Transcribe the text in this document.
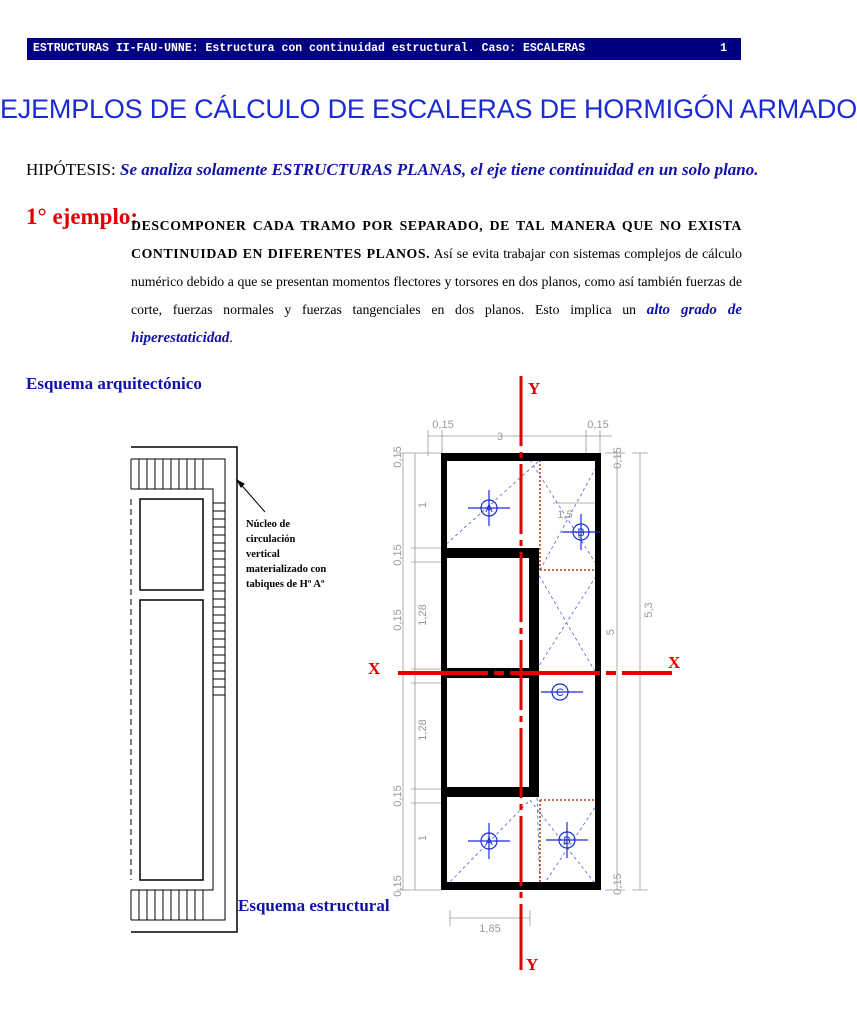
ESTRUCTURAS II-FAU-UNNE: Estructura con continuidad estructural. Caso: ESCALERAS	1
EJEMPLOS DE CÁLCULO DE ESCALERAS DE HORMIGÓN ARMADO
HIPÓTESIS: Se analiza solamente ESTRUCTURAS PLANAS, el eje tiene continuidad en un solo plano.
1° ejemplo:
DESCOMPONER CADA TRAMO POR SEPARADO, DE TAL MANERA QUE NO EXISTA CONTINUIDAD EN DIFERENTES PLANOS. Así se evita trabajar con sistemas complejos de cálculo numérico debido a que se presentan momentos flectores y torsores en dos planos, como así también fuerzas de corte, fuerzas normales y fuerzas tangenciales en dos planos. Esto implica un alto grado de hiperestaticidad.
Esquema arquitectónico
Esquema estructural
Núcleo de
circulación
vertical
materializado con
tabiques de Hº Aº
A
B
C
A	B
Y
Y
X	X
0,15
3
0,15
1,5
1,85
0,15
1
0,15
1,28
0,15
1,28
0,15
1
0,15
5
5,3
0,15
0,15
